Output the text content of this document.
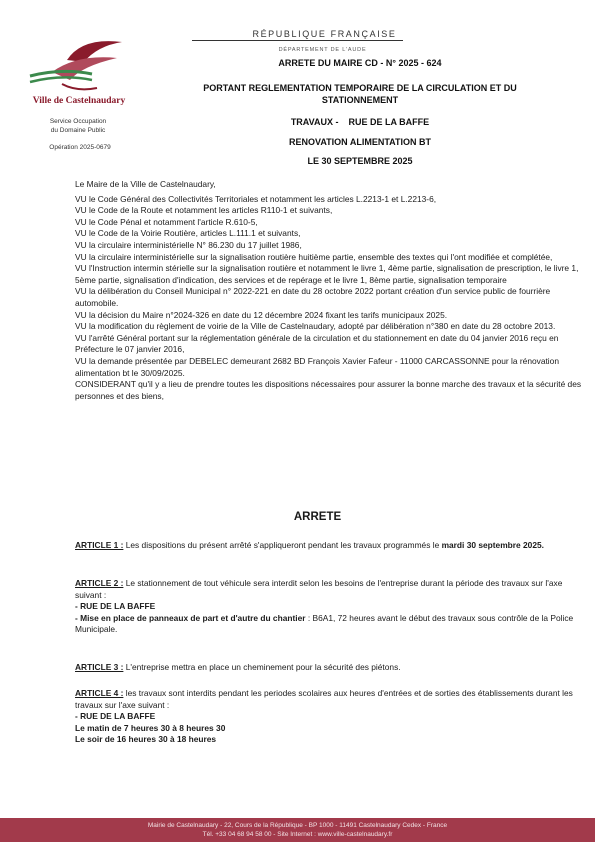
Ville de Castelnaudary
Service Occupation
du Domaine Public
Opération 2025-0679
RÉPUBLIQUE FRANÇAISE
DÉPARTEMENT DE L'AUDE
ARRETE DU MAIRE CD - N° 2025 - 624
PORTANT REGLEMENTATION TEMPORAIRE DE LA CIRCULATION ET DU
STATIONNEMENT
TRAVAUX - RUE DE LA BAFFE
RENOVATION ALIMENTATION BT
LE 30 SEPTEMBRE 2025
Le Maire de la Ville de Castelnaudary,
VU le Code Général des Collectivités Territoriales et notamment les articles L.2213-1 et L.2213-6,
VU le Code de la Route et notamment les articles R110-1 et suivants,
VU le Code Pénal et notamment l'article R.610-5,
VU le Code de la Voirie Routière, articles L.111.1 et suivants,
VU la circulaire interministérielle N° 86.230 du 17 juillet 1986,
VU la circulaire interministérielle sur la signalisation routière huitième partie, ensemble des textes qui l'ont modifiée et complétée,
VU l'Instruction intermin stérielle sur la signalisation routière et notamment le livre 1, 4ème partie, signalisation de prescription, le livre 1, 5ème partie, signalisation d'indication, des services et de repérage et le livre 1, 8ème partie, signalisation temporaire
VU la délibération du Conseil Municipal n° 2022-221 en date du 28 octobre 2022 portant création d'un service public de fourrière automobile.
VU la décision du Maire n°2024-326 en date du 12 décembre 2024 fixant les tarifs municipaux 2025.
VU la modification du règlement de voirie de la Ville de Castelnaudary, adopté par délibération n°380 en date du 28 octobre 2013.
VU l'arrêté Général portant sur la réglementation générale de la circulation et du stationnement en date du 04 janvier 2016 reçu en Préfecture le 07 janvier 2016,
VU la demande présentée par DEBELEC demeurant 2682 BD François Xavier Fafeur - 11000 CARCASSONNE pour la rénovation alimentation bt le 30/09/2025.
CONSIDERANT qu'il y a lieu de prendre toutes les dispositions nécessaires pour assurer la bonne marche des travaux et la sécurité des personnes et des biens,
ARRETE
ARTICLE 1 : Les dispositions du présent arrêté s'appliqueront pendant les travaux programmés le mardi 30 septembre 2025.
ARTICLE 2 : Le stationnement de tout véhicule sera interdit selon les besoins de l'entreprise durant la période des travaux sur l'axe suivant :
- RUE DE LA BAFFE
- Mise en place de panneaux de part et d'autre du chantier : B6A1, 72 heures avant le début des travaux sous contrôle de la Police Municipale.
ARTICLE 3 : L'entreprise mettra en place un cheminement pour la sécurité des piétons.
ARTICLE 4 : les travaux sont interdits pendant les periodes scolaires aux heures d'entrées et de sorties des établissements durant les travaux sur l'axe suivant :
- RUE DE LA BAFFE
Le matin de 7 heures 30 à 8 heures 30
Le soir de 16 heures 30 à 18 heures
Mairie de Castelnaudary - 22, Cours de la République - BP 1000 - 11491 Castelnaudary Cedex - France
Tél. +33 04 68 94 58 00 - Site Internet : www.ville-castelnaudary.fr
